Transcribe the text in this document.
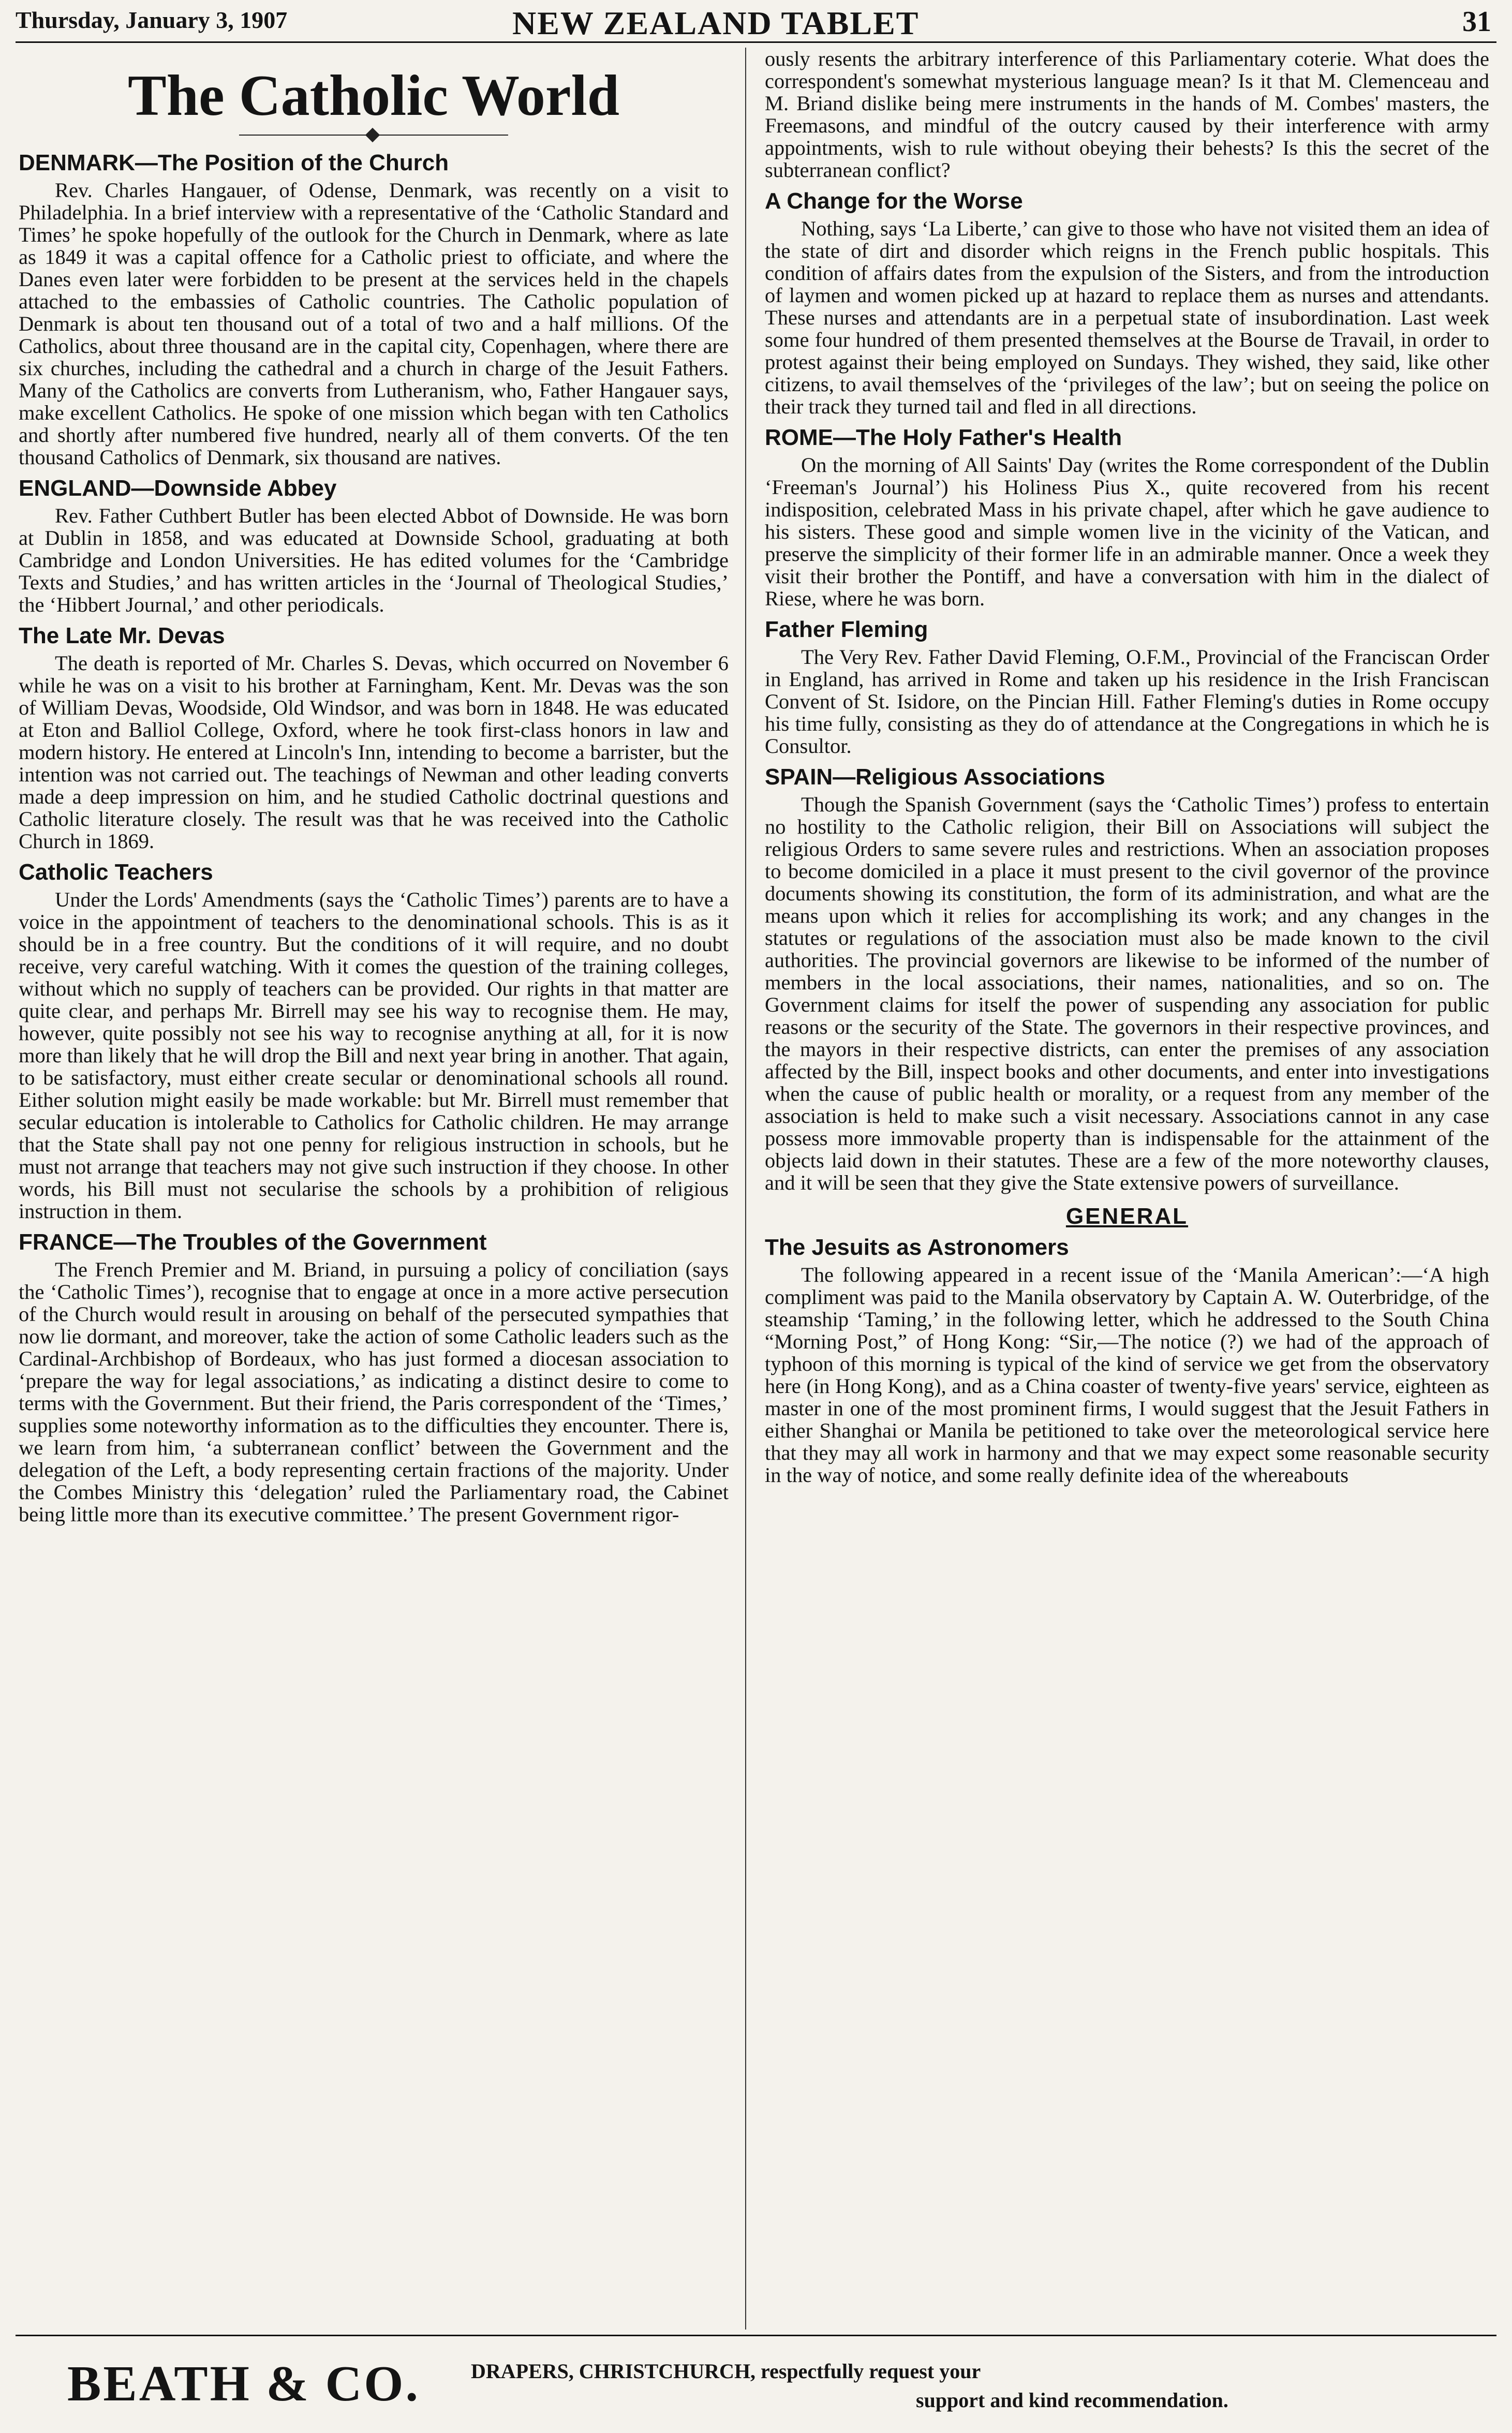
Thursday, January 3, 1907	NEW ZEALAND TABLET	31
The Catholic World
DENMARK—The Position of the Church

Rev. Charles Hangauer, of Odense, Denmark, was recently on a visit to Philadelphia. In a brief interview with a representative of the ‘Catholic Standard and Times’ he spoke hopefully of the outlook for the Church in Denmark, where as late as 1849 it was a capital offence for a Catholic priest to officiate, and where the Danes even later were forbidden to be present at the services held in the chapels attached to the embassies of Catholic countries. The Catholic population of Denmark is about ten thousand out of a total of two and a half millions. Of the Catholics, about three thousand are in the capital city, Copenhagen, where there are six churches, including the cathedral and a church in charge of the Jesuit Fathers. Many of the Catholics are converts from Lutheranism, who, Father Hangauer says, make excellent Catholics. He spoke of one mission which began with ten Catholics and shortly after numbered five hundred, nearly all of them converts. Of the ten thousand Catholics of Denmark, six thousand are natives.

ENGLAND—Downside Abbey

Rev. Father Cuthbert Butler has been elected Abbot of Downside. He was born at Dublin in 1858, and was educated at Downside School, graduating at both Cambridge and London Universities. He has edited volumes for the ‘Cambridge Texts and Studies,’ and has written articles in the ‘Journal of Theological Studies,’ the ‘Hibbert Journal,’ and other periodicals.

The Late Mr. Devas

The death is reported of Mr. Charles S. Devas, which occurred on November 6 while he was on a visit to his brother at Farningham, Kent. Mr. Devas was the son of William Devas, Woodside, Old Windsor, and was born in 1848. He was educated at Eton and Balliol College, Oxford, where he took first-class honors in law and modern history. He entered at Lincoln's Inn, intending to become a barrister, but the intention was not carried out. The teachings of Newman and other leading converts made a deep impression on him, and he studied Catholic doctrinal questions and Catholic literature closely. The result was that he was received into the Catholic Church in 1869.

Catholic Teachers

Under the Lords' Amendments (says the ‘Catholic Times’) parents are to have a voice in the appointment of teachers to the denominational schools. This is as it should be in a free country. But the conditions of it will require, and no doubt receive, very careful watching. With it comes the question of the training colleges, without which no supply of teachers can be provided. Our rights in that matter are quite clear, and perhaps Mr. Birrell may see his way to recognise them. He may, however, quite possibly not see his way to recognise anything at all, for it is now more than likely that he will drop the Bill and next year bring in another. That again, to be satisfactory, must either create secular or denominational schools all round. Either solution might easily be made workable: but Mr. Birrell must remember that secular education is intolerable to Catholics for Catholic children. He may arrange that the State shall pay not one penny for religious instruction in schools, but he must not arrange that teachers may not give such instruction if they choose. In other words, his Bill must not secularise the schools by a prohibition of religious instruction in them.

FRANCE—The Troubles of the Government

The French Premier and M. Briand, in pursuing a policy of conciliation (says the ‘Catholic Times’), recognise that to engage at once in a more active persecution of the Church would result in arousing on behalf of the persecuted sympathies that now lie dormant, and moreover, take the action of some Catholic leaders such as the Cardinal-Archbishop of Bordeaux, who has just formed a diocesan association to ‘prepare the way for legal associations,’ as indicating a distinct desire to come to terms with the Government. But their friend, the Paris correspondent of the ‘Times,’ supplies some noteworthy information as to the difficulties they encounter. There is, we learn from him, ‘a subterranean conflict’ between the Government and the delegation of the Left, a body representing certain fractions of the majority. Under the Combes Ministry this ‘delegation’ ruled the Parliamentary road, the Cabinet being little more than its executive committee.’ The present Government rigor-

ously resents the arbitrary interference of this Parliamentary coterie. What does the correspondent's somewhat mysterious language mean? Is it that M. Clemenceau and M. Briand dislike being mere instruments in the hands of M. Combes' masters, the Freemasons, and mindful of the outcry caused by their interference with army appointments, wish to rule without obeying their behests? Is this the secret of the subterranean conflict?

A Change for the Worse

Nothing, says ‘La Liberte,’ can give to those who have not visited them an idea of the state of dirt and disorder which reigns in the French public hospitals. This condition of affairs dates from the expulsion of the Sisters, and from the introduction of laymen and women picked up at hazard to replace them as nurses and attendants. These nurses and attendants are in a perpetual state of insubordination. Last week some four hundred of them presented themselves at the Bourse de Travail, in order to protest against their being employed on Sundays. They wished, they said, like other citizens, to avail themselves of the ‘privileges of the law’; but on seeing the police on their track they turned tail and fled in all directions.

ROME—The Holy Father's Health

On the morning of All Saints' Day (writes the Rome correspondent of the Dublin ‘Freeman's Journal’) his Holiness Pius X., quite recovered from his recent indisposition, celebrated Mass in his private chapel, after which he gave audience to his sisters. These good and simple women live in the vicinity of the Vatican, and preserve the simplicity of their former life in an admirable manner. Once a week they visit their brother the Pontiff, and have a conversation with him in the dialect of Riese, where he was born.

Father Fleming

The Very Rev. Father David Fleming, O.F.M., Provincial of the Franciscan Order in England, has arrived in Rome and taken up his residence in the Irish Franciscan Convent of St. Isidore, on the Pincian Hill. Father Fleming's duties in Rome occupy his time fully, consisting as they do of attendance at the Congregations in which he is Consultor.

SPAIN—Religious Associations

Though the Spanish Government (says the ‘Catholic Times’) profess to entertain no hostility to the Catholic religion, their Bill on Associations will subject the religious Orders to same severe rules and restrictions. When an association proposes to become domiciled in a place it must present to the civil governor of the province documents showing its constitution, the form of its administration, and what are the means upon which it relies for accomplishing its work; and any changes in the statutes or regulations of the association must also be made known to the civil authorities. The provincial governors are likewise to be informed of the number of members in the local associations, their names, nationalities, and so on. The Government claims for itself the power of suspending any association for public reasons or the security of the State. The governors in their respective provinces, and the mayors in their respective districts, can enter the premises of any association affected by the Bill, inspect books and other documents, and enter into investigations when the cause of public health or morality, or a request from any member of the association is held to make such a visit necessary. Associations cannot in any case possess more immovable property than is indispensable for the attainment of the objects laid down in their statutes. These are a few of the more noteworthy clauses, and it will be seen that they give the State extensive powers of surveillance.

GENERAL
The Jesuits as Astronomers

The following appeared in a recent issue of the ‘Manila American’:—‘A high compliment was paid to the Manila observatory by Captain A. W. Outerbridge, of the steamship ‘Taming,’ in the following letter, which he addressed to the South China “Morning Post,” of Hong Kong: “Sir,—The notice (?) we had of the approach of typhoon of this morning is typical of the kind of service we get from the observatory here (in Hong Kong), and as a China coaster of twenty-five years' service, eighteen as master in one of the most prominent firms, I would suggest that the Jesuit Fathers in either Shanghai or Manila be petitioned to take over the meteorological service here that they may all work in harmony and that we may expect some reasonable security in the way of notice, and some really definite idea of the whereabouts

BEATH & CO. DRAPERS, CHRISTCHURCH, respectfully request your
support and kind recommendation.
